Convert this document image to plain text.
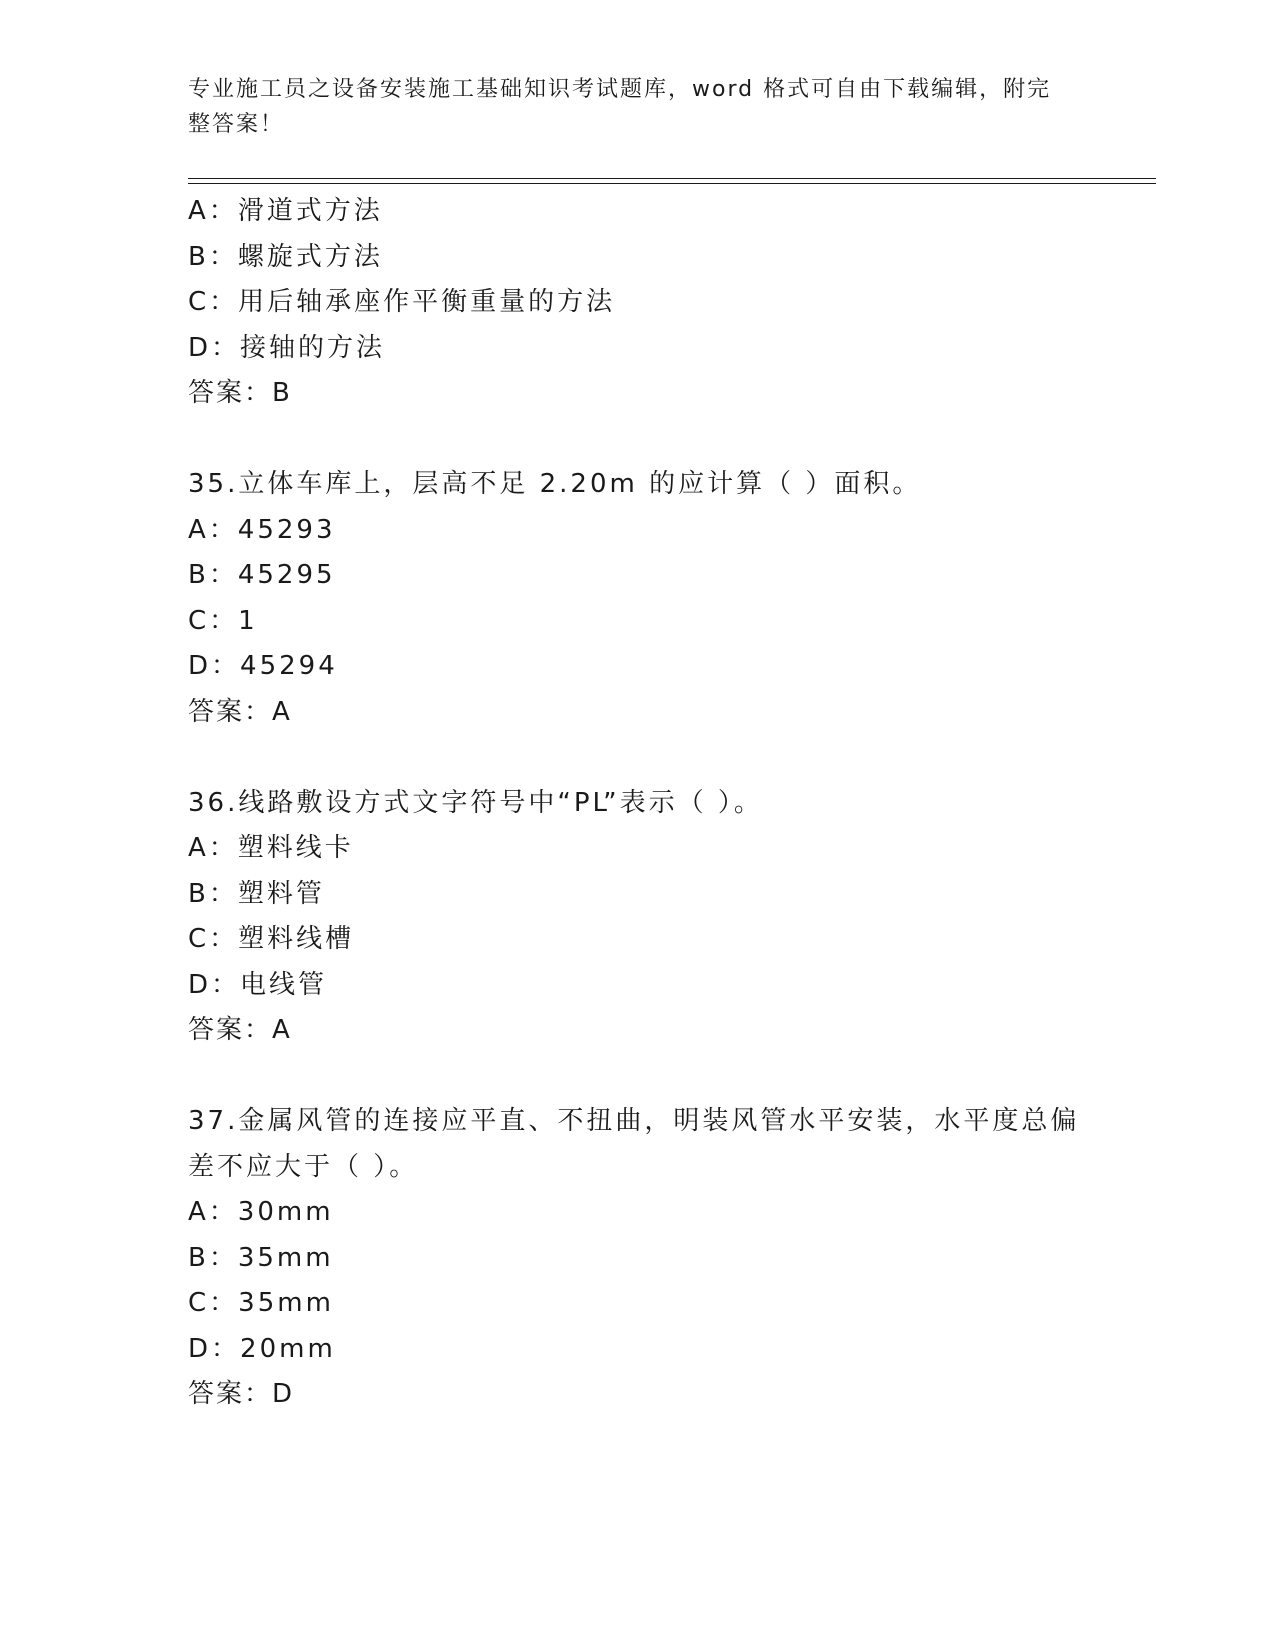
专业施工员之设备安装施工基础知识考试题库，word 格式可自由下载编辑，附完
整答案！
A：滑道式方法
B：螺旋式方法
C：用后轴承座作平衡重量的方法
D：接轴的方法
答案：B
35.立体车库上，层高不足 2.20m 的应计算（ ）面积。
A：45293
B：45295
C：1
D：45294
答案：A
36.线路敷设方式文字符号中“PL”表示（ ）。
A：塑料线卡
B：塑料管
C：塑料线槽
D：电线管
答案：A
37.金属风管的连接应平直、不扭曲，明装风管水平安装，水平度总偏
差不应大于（ ）。
A：30mm
B：35mm
C：35mm
D：20mm
答案：D
